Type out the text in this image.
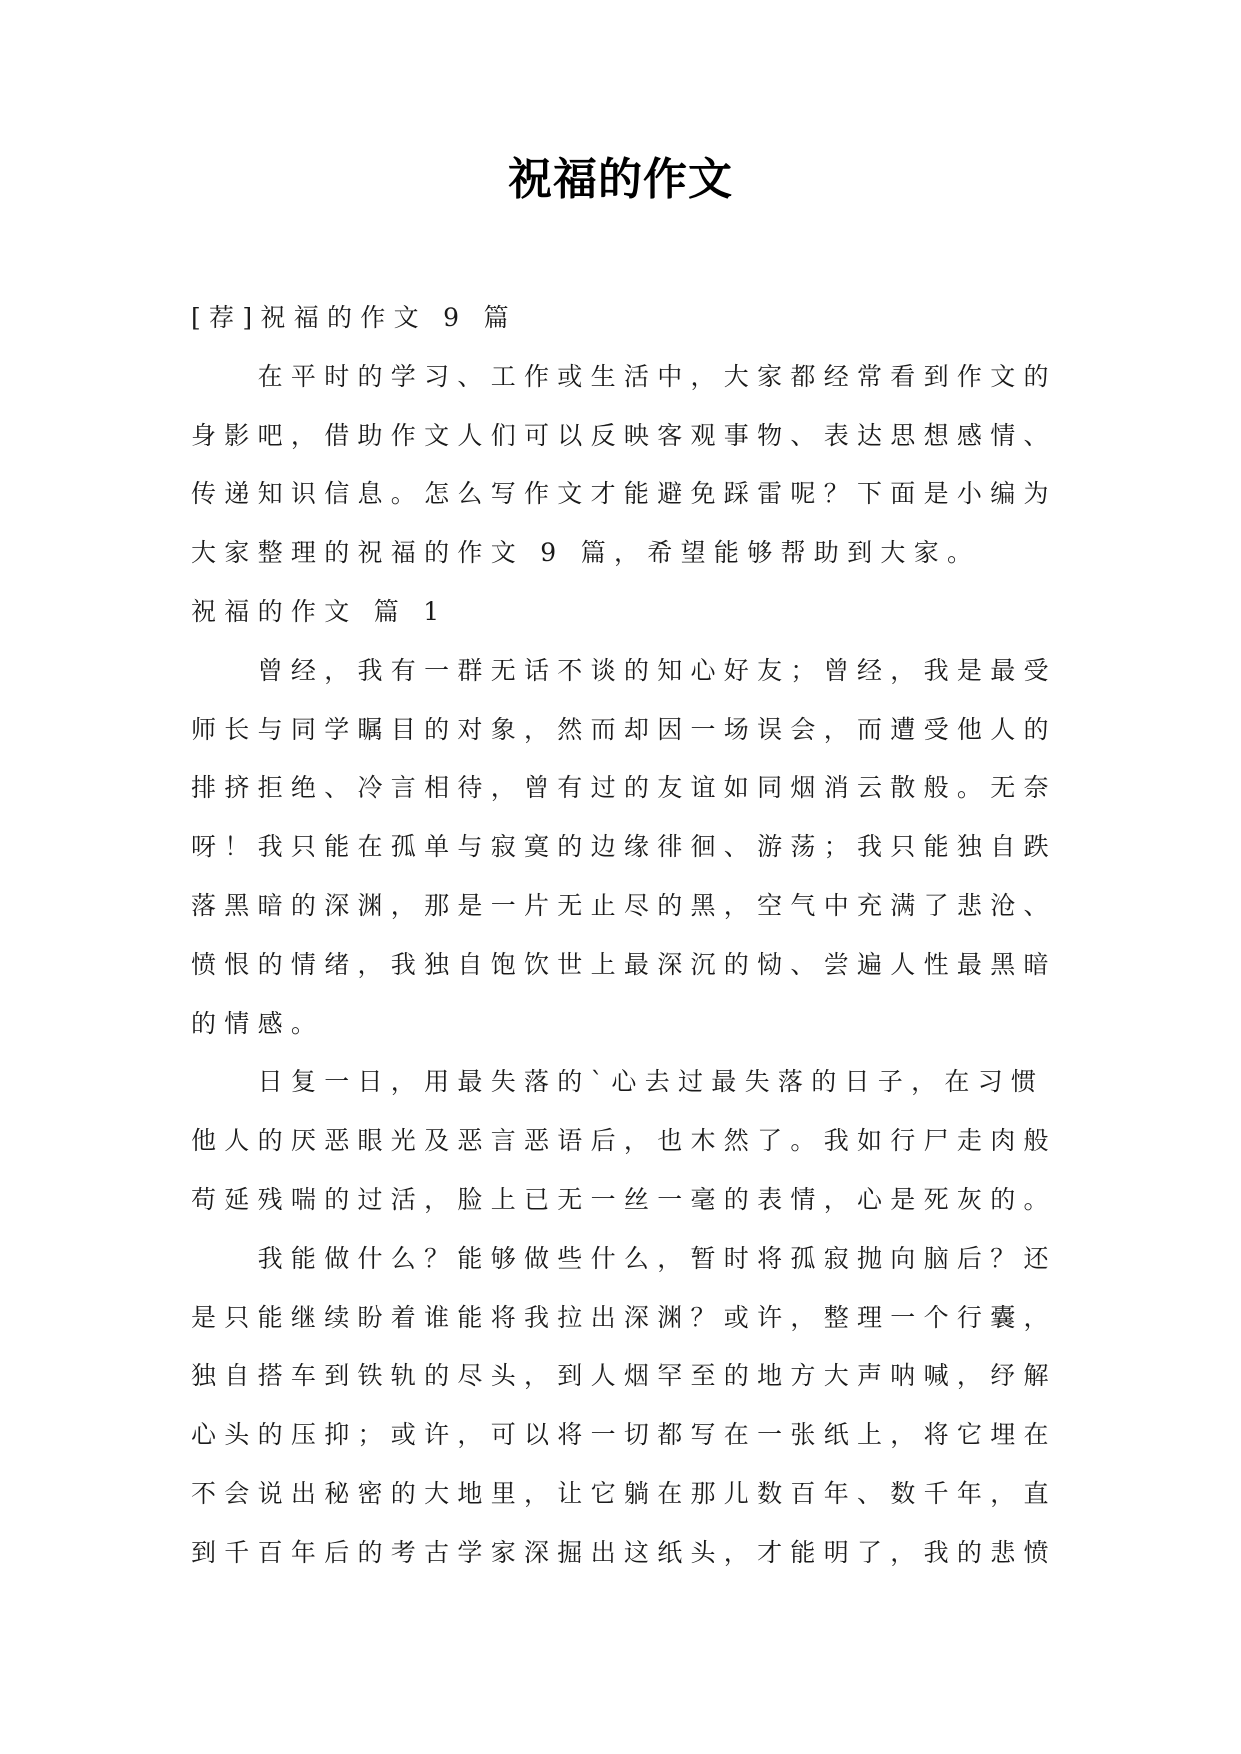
祝福的作文
[荐]祝福的作文 9 篇
在平时的学习、工作或生活中，大家都经常看到作文的
身影吧，借助作文人们可以反映客观事物、表达思想感情、
传递知识信息。怎么写作文才能避免踩雷呢？下面是小编为
大家整理的祝福的作文 9 篇，希望能够帮助到大家。
祝福的作文 篇 1
曾经，我有一群无话不谈的知心好友；曾经，我是最受
师长与同学瞩目的对象，然而却因一场误会，而遭受他人的
排挤拒绝、冷言相待，曾有过的友谊如同烟消云散般。无奈
呀！我只能在孤单与寂寞的边缘徘徊、游荡；我只能独自跌
落黑暗的深渊，那是一片无止尽的黑，空气中充满了悲沧、
愤恨的情绪，我独自饱饮世上最深沉的恸、尝遍人性最黑暗
的情感。
日复一日，用最失落的`心去过最失落的日子，在习惯
他人的厌恶眼光及恶言恶语后，也木然了。我如行尸走肉般
苟延残喘的过活，脸上已无一丝一毫的表情，心是死灰的。
我能做什么？能够做些什么，暂时将孤寂抛向脑后？还
是只能继续盼着谁能将我拉出深渊？或许，整理一个行囊，
独自搭车到铁轨的尽头，到人烟罕至的地方大声呐喊，纾解
心头的压抑；或许，可以将一切都写在一张纸上，将它埋在
不会说出秘密的大地里，让它躺在那儿数百年、数千年，直
到千百年后的考古学家深掘出这纸头，才能明了，我的悲愤
